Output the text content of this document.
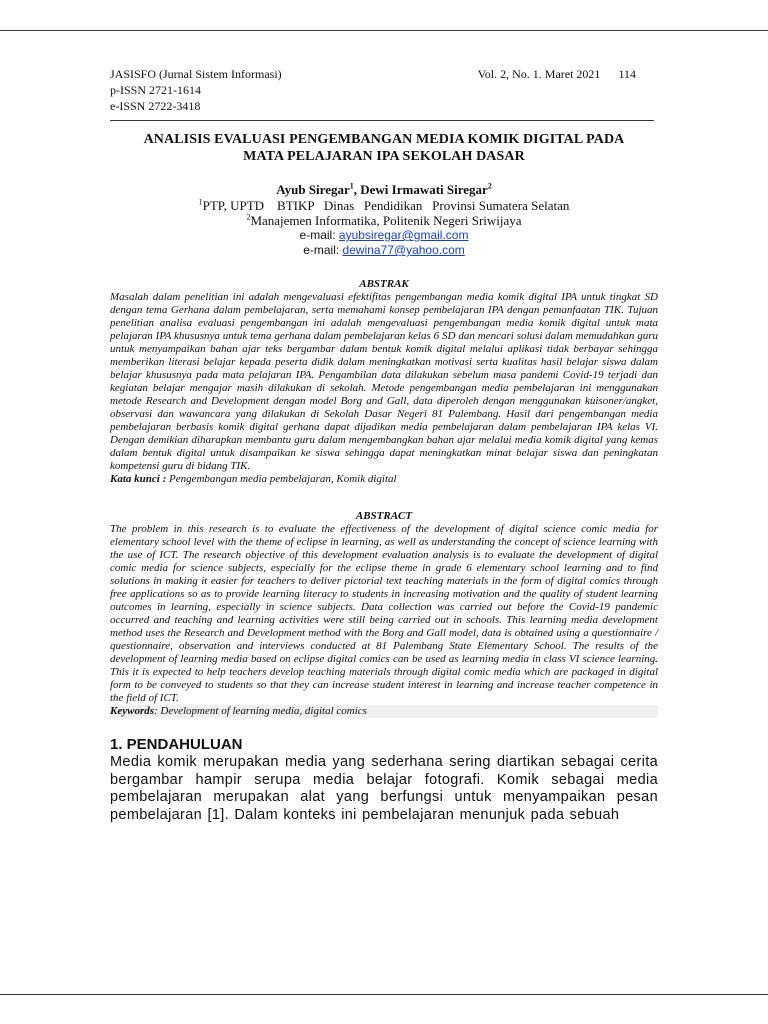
JASISFO (Jurnal Sistem Informasi)	Vol. 2, No. 1. Maret 2021 114
p-ISSN 2721-1614
e-ISSN 2722-3418
ANALISIS EVALUASI PENGEMBANGAN MEDIA KOMIK DIGITAL PADA
MATA PELAJARAN IPA SEKOLAH DASAR
Ayub Siregar$^1$, Dewi Irmawati Siregar$^2$
$^1$PTP, UPTD    BTIKP   Dinas   Pendidikan   Provinsi Sumatera Selatan
$^2$Manajemen Informatika, Politenik Negeri Sriwijaya
e-mail: ayubsiregar@gmail.com
e-mail: dewina77@yahoo.com
ABSTRAK
Masalah dalam penelitian ini adalah mengevaluasi efektifitas pengembangan media komik digital IPA untuk tingkat SD dengan tema Gerhana dalam pembelajaran, serta memahami konsep pembelajaran IPA dengan pemanfaatan TIK. Tujuan penelitian analisa evaluasi pengembangan ini adalah mengevaluasi pengembangan media komik digital untuk mata pelajaran IPA khususnya untuk tema gerhana dalam pembelajaran kelas 6 SD dan mencari solusi dalam memudahkan guru untuk menyampaikan bahan ajar teks bergambar dalam bentuk komik digital melalui aplikasi tidak berbayar sehingga memberikan literasi belajar kepada peserta didik dalam meningkatkan motivasi serta kualitas hasil belajar siswa dalam belajar khususnya pada mata pelajaran IPA. Pengambilan data dilakukan sebelum masa pandemi Covid-19 terjadi dan kegiatan belajar mengajar masih dilakukan di sekolah. Metode pengembangan media pembelajaran ini menggunakan metode Research and Development dengan model Borg and Gall, data diperoleh dengan menggunakan kuisoner/angket, observasi dan wawancara yang dilakukan di Sekolah Dasar Negeri 81 Palembang. Hasil dari pengembangan media pembelajaran berbasis komik digital gerhana dapat dijadikan media pembelajaran dalam pembelajaran IPA kelas VI. Dengan demikian diharapkan membantu guru dalam mengembangkan bahan ajar melalui media komik digital yang kemas dalam bentuk digital untuk disampaikan ke siswa sehingga dapat meningkatkan minat belajar siswa dan peningkatan kompetensi guru di bidang TIK.
Kata kunci : Pengembangan media pembelajaran, Komik digital
ABSTRACT
The problem in this research is to evaluate the effectiveness of the development of digital science comic media for elementary school level with the theme of eclipse in learning, as well as understanding the concept of science learning with the use of ICT. The research objective of this development evaluation analysis is to evaluate the development of digital comic media for science subjects, especially for the eclipse theme in grade 6 elementary school learning and to find solutions in making it easier for teachers to deliver pictorial text teaching materials in the form of digital comics through free applications so as to provide learning literacy to students in increasing motivation and the quality of student learning outcomes in learning, especially in science subjects. Data collection was carried out before the Covid-19 pandemic occurred and teaching and learning activities were still being carried out in schools. This learning media development method uses the Research and Development method with the Borg and Gall model, data is obtained using a questionnaire / questionnaire, observation and interviews conducted at 81 Palembang State Elementary School. The results of the development of learning media based on eclipse digital comics can be used as learning media in class VI science learning. This it is expected to help teachers develop teaching materials through digital comic media which are packaged in digital form to be conveyed to students so that they can increase student interest in learning and increase teacher competence in the field of ICT.
Keywords: Development of learning media, digital comics
1. PENDAHULUAN
Media komik merupakan media yang sederhana sering diartikan sebagai cerita bergambar hampir serupa media belajar fotografi. Komik sebagai media pembelajaran merupakan alat yang berfungsi untuk menyampaikan pesan pembelajaran [1]. Dalam konteks ini pembelajaran menunjuk pada sebuah
